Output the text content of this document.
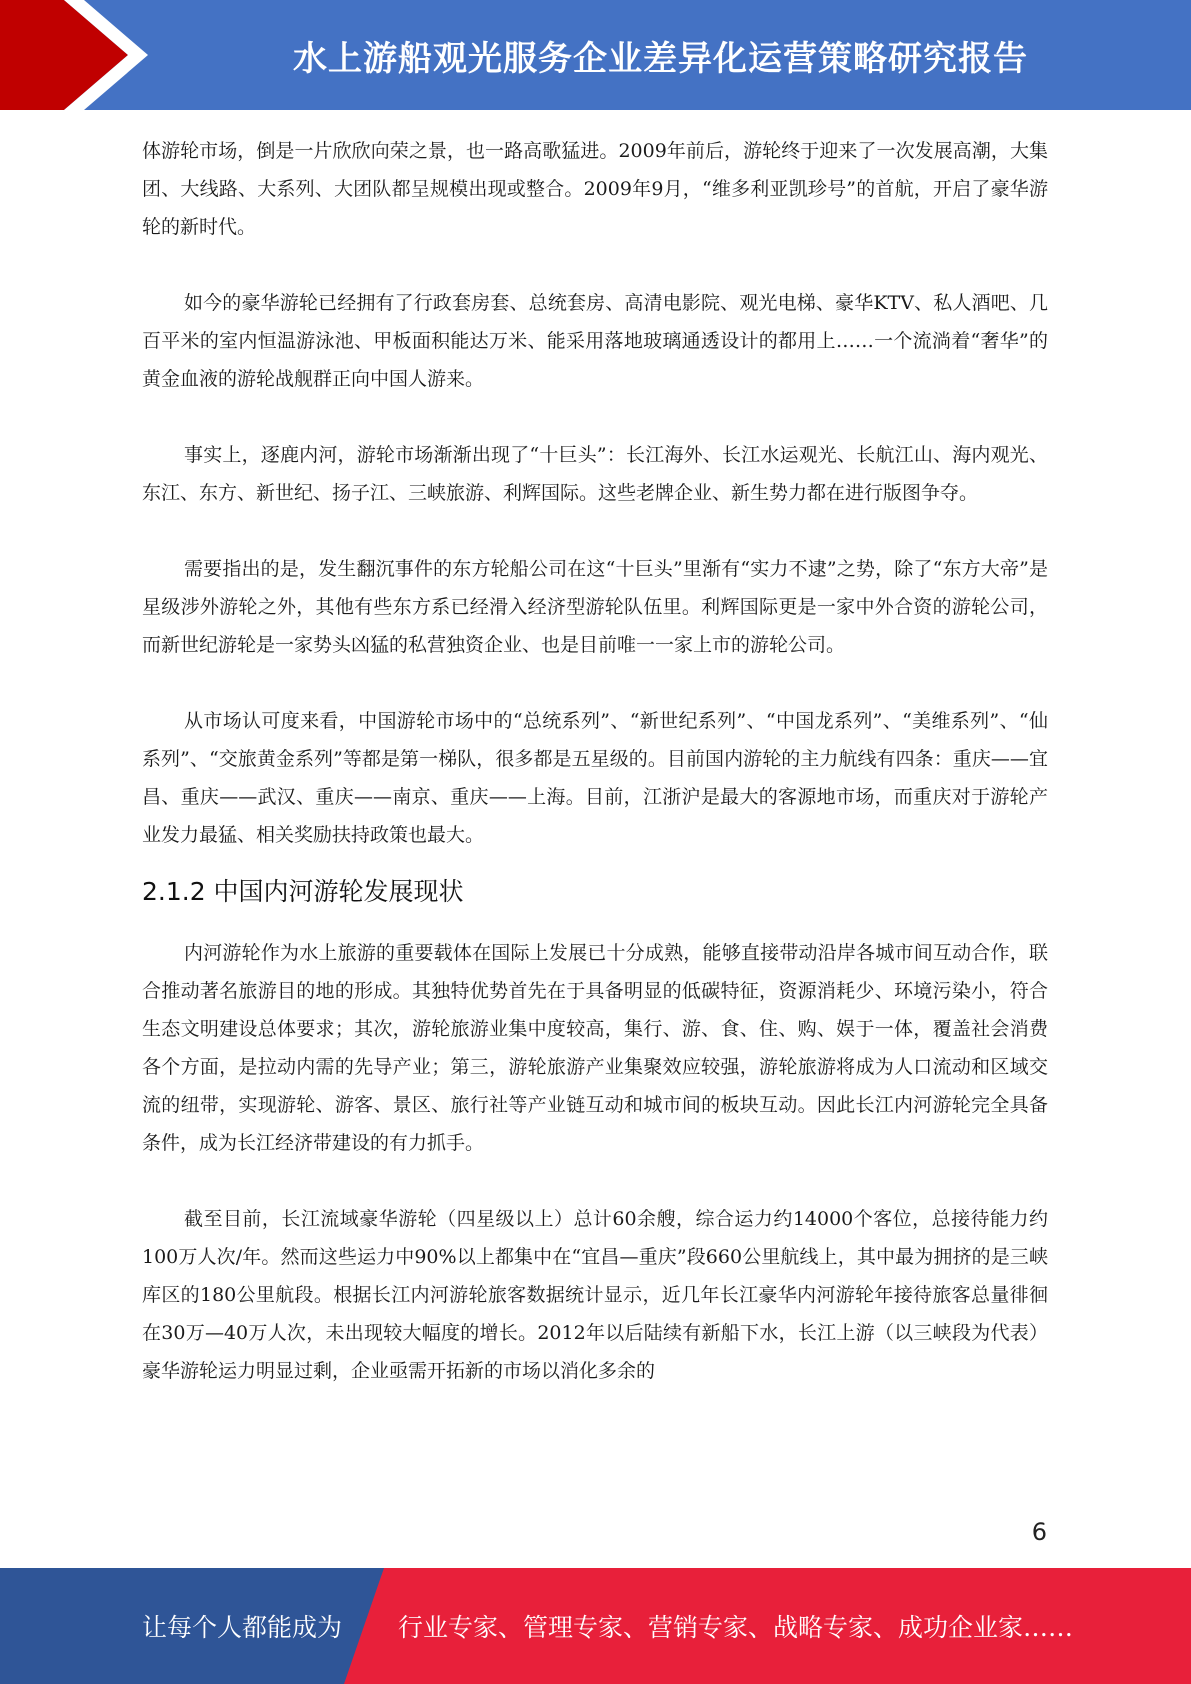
水上游船观光服务企业差异化运营策略研究报告

体游轮市场，倒是一片欣欣向荣之景，也一路高歌猛进。2009年前后，游轮终于迎来了一次发展高潮，大集团、大线路、大系列、大团队都呈规模出现或整合。2009年9月，“维多利亚凯珍号”的首航，开启了豪华游轮的新时代。

如今的豪华游轮已经拥有了行政套房套、总统套房、高清电影院、观光电梯、豪华KTV、私人酒吧、几百平米的室内恒温游泳池、甲板面积能达万米、能采用落地玻璃通透设计的都用上……一个流淌着“奢华”的黄金血液的游轮战舰群正向中国人游来。

事实上，逐鹿内河，游轮市场渐渐出现了“十巨头”：长江海外、长江水运观光、长航江山、海内观光、东江、东方、新世纪、扬子江、三峡旅游、利辉国际。这些老牌企业、新生势力都在进行版图争夺。

需要指出的是，发生翻沉事件的东方轮船公司在这“十巨头”里渐有“实力不逮”之势，除了“东方大帝”是星级涉外游轮之外，其他有些东方系已经滑入经济型游轮队伍里。利辉国际更是一家中外合资的游轮公司，而新世纪游轮是一家势头凶猛的私营独资企业、也是目前唯一一家上市的游轮公司。

从市场认可度来看，中国游轮市场中的“总统系列”、“新世纪系列”、“中国龙系列”、“美维系列”、“仙系列”、“交旅黄金系列”等都是第一梯队，很多都是五星级的。目前国内游轮的主力航线有四条：重庆——宜昌、重庆——武汉、重庆——南京、重庆——上海。目前，江浙沪是最大的客源地市场，而重庆对于游轮产业发力最猛、相关奖励扶持政策也最大。

2.1.2 中国内河游轮发展现状

内河游轮作为水上旅游的重要载体在国际上发展已十分成熟，能够直接带动沿岸各城市间互动合作，联合推动著名旅游目的地的形成。其独特优势首先在于具备明显的低碳特征，资源消耗少、环境污染小，符合生态文明建设总体要求；其次，游轮旅游业集中度较高，集行、游、食、住、购、娱于一体，覆盖社会消费各个方面，是拉动内需的先导产业；第三，游轮旅游产业集聚效应较强，游轮旅游将成为人口流动和区域交流的纽带，实现游轮、游客、景区、旅行社等产业链互动和城市间的板块互动。因此长江内河游轮完全具备条件，成为长江经济带建设的有力抓手。

截至目前，长江流域豪华游轮（四星级以上）总计60余艘，综合运力约14000个客位，总接待能力约100万人次/年。然而这些运力中90%以上都集中在“宜昌—重庆”段660公里航线上，其中最为拥挤的是三峡库区的180公里航段。根据长江内河游轮旅客数据统计显示，近几年长江豪华内河游轮年接待旅客总量徘徊在30万—40万人次，未出现较大幅度的增长。2012年以后陆续有新船下水，长江上游（以三峡段为代表）豪华游轮运力明显过剩，企业亟需开拓新的市场以消化多余的

6
让每个人都能成为 行业专家、管理专家、营销专家、战略专家、成功企业家……
